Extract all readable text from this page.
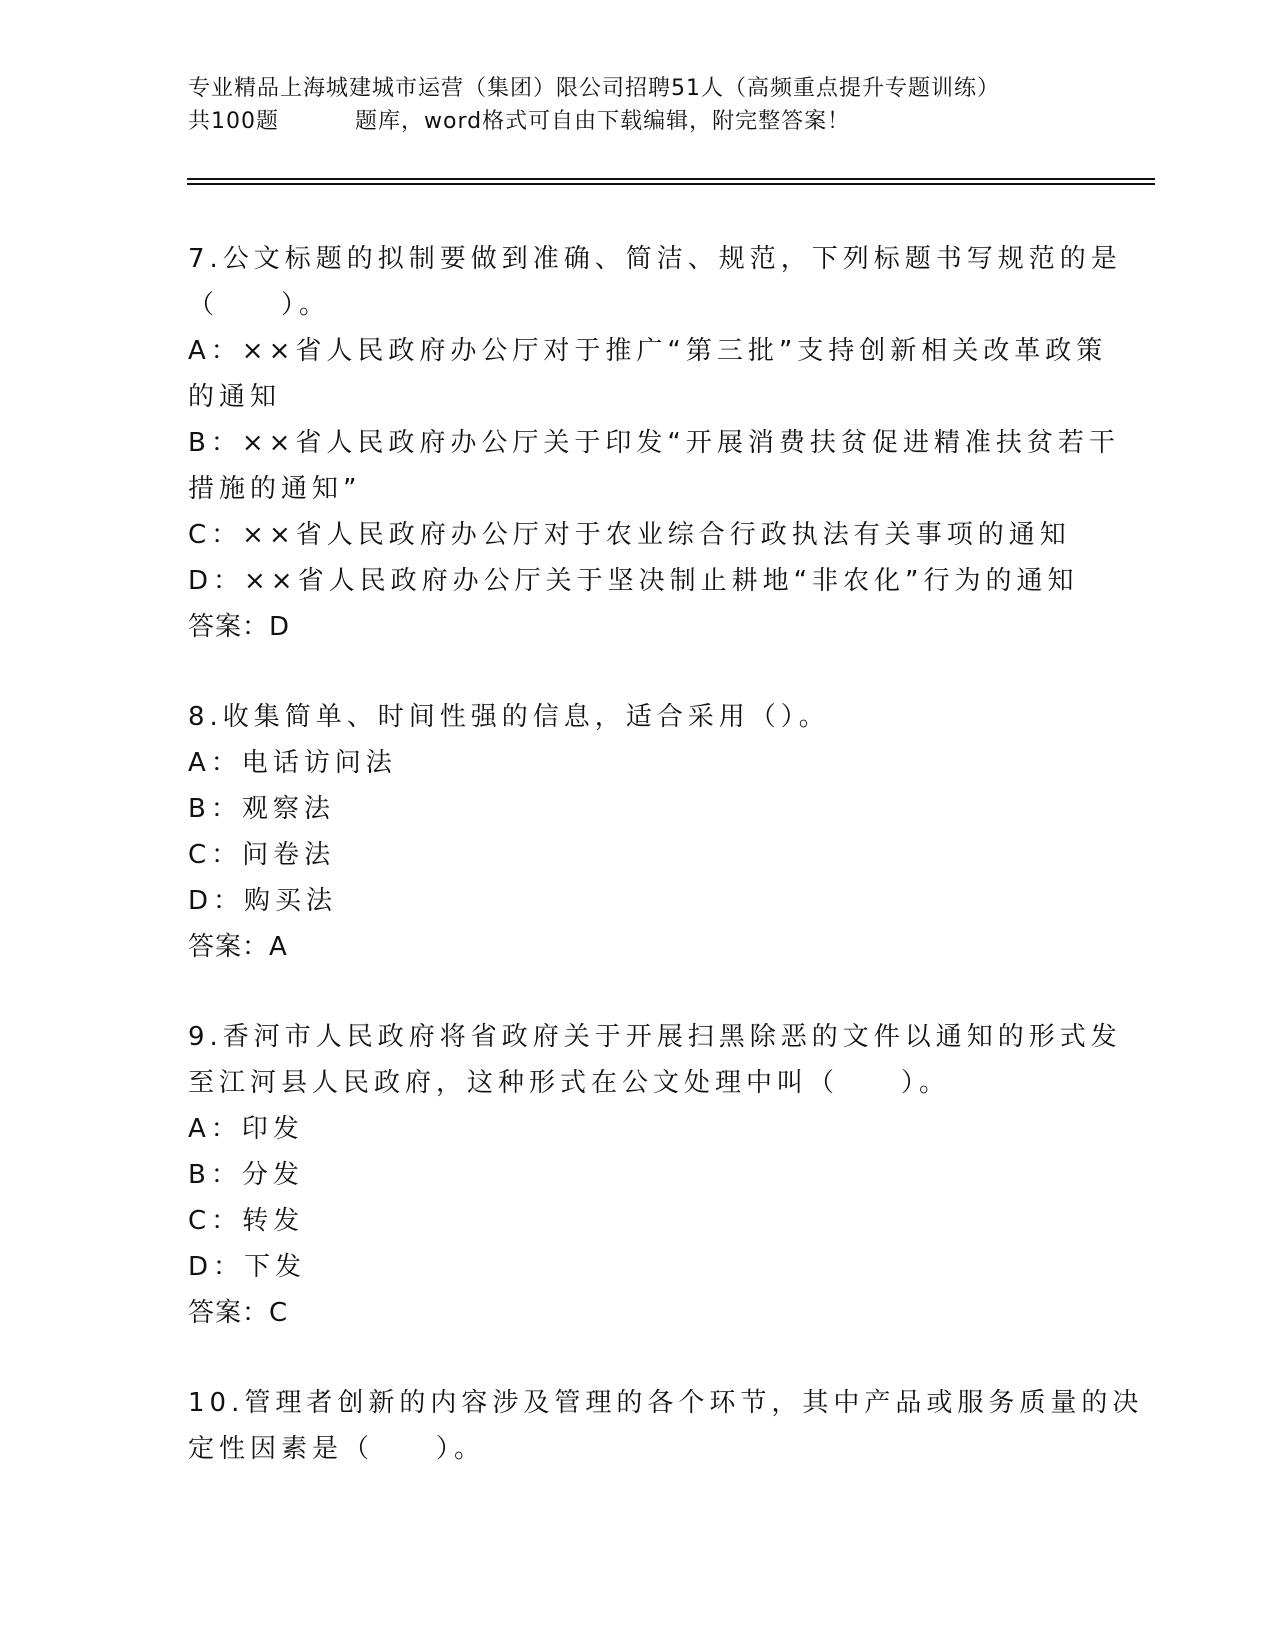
专业精品上海城建城市运营（集团）限公司招聘51人（高频重点提升专题训练）
共100题	题库，word格式可自由下载编辑，附完整答案！
7.公文标题的拟制要做到准确、简洁、规范，下列标题书写规范的是
（　　）。
A：××省人民政府办公厅对于推广“第三批”支持创新相关改革政策
的通知
B：××省人民政府办公厅关于印发“开展消费扶贫促进精准扶贫若干
措施的通知”
C：××省人民政府办公厅对于农业综合行政执法有关事项的通知
D：××省人民政府办公厅关于坚决制止耕地“非农化”行为的通知
答案：D
8.收集简单、时间性强的信息，适合采用（）。
A：电话访问法
B：观察法
C：问卷法
D：购买法
答案：A
9.香河市人民政府将省政府关于开展扫黑除恶的文件以通知的形式发
至江河县人民政府，这种形式在公文处理中叫（　　）。
A：印发
B：分发
C：转发
D：下发
答案：C
10.管理者创新的内容涉及管理的各个环节，其中产品或服务质量的决
定性因素是（　　）。
